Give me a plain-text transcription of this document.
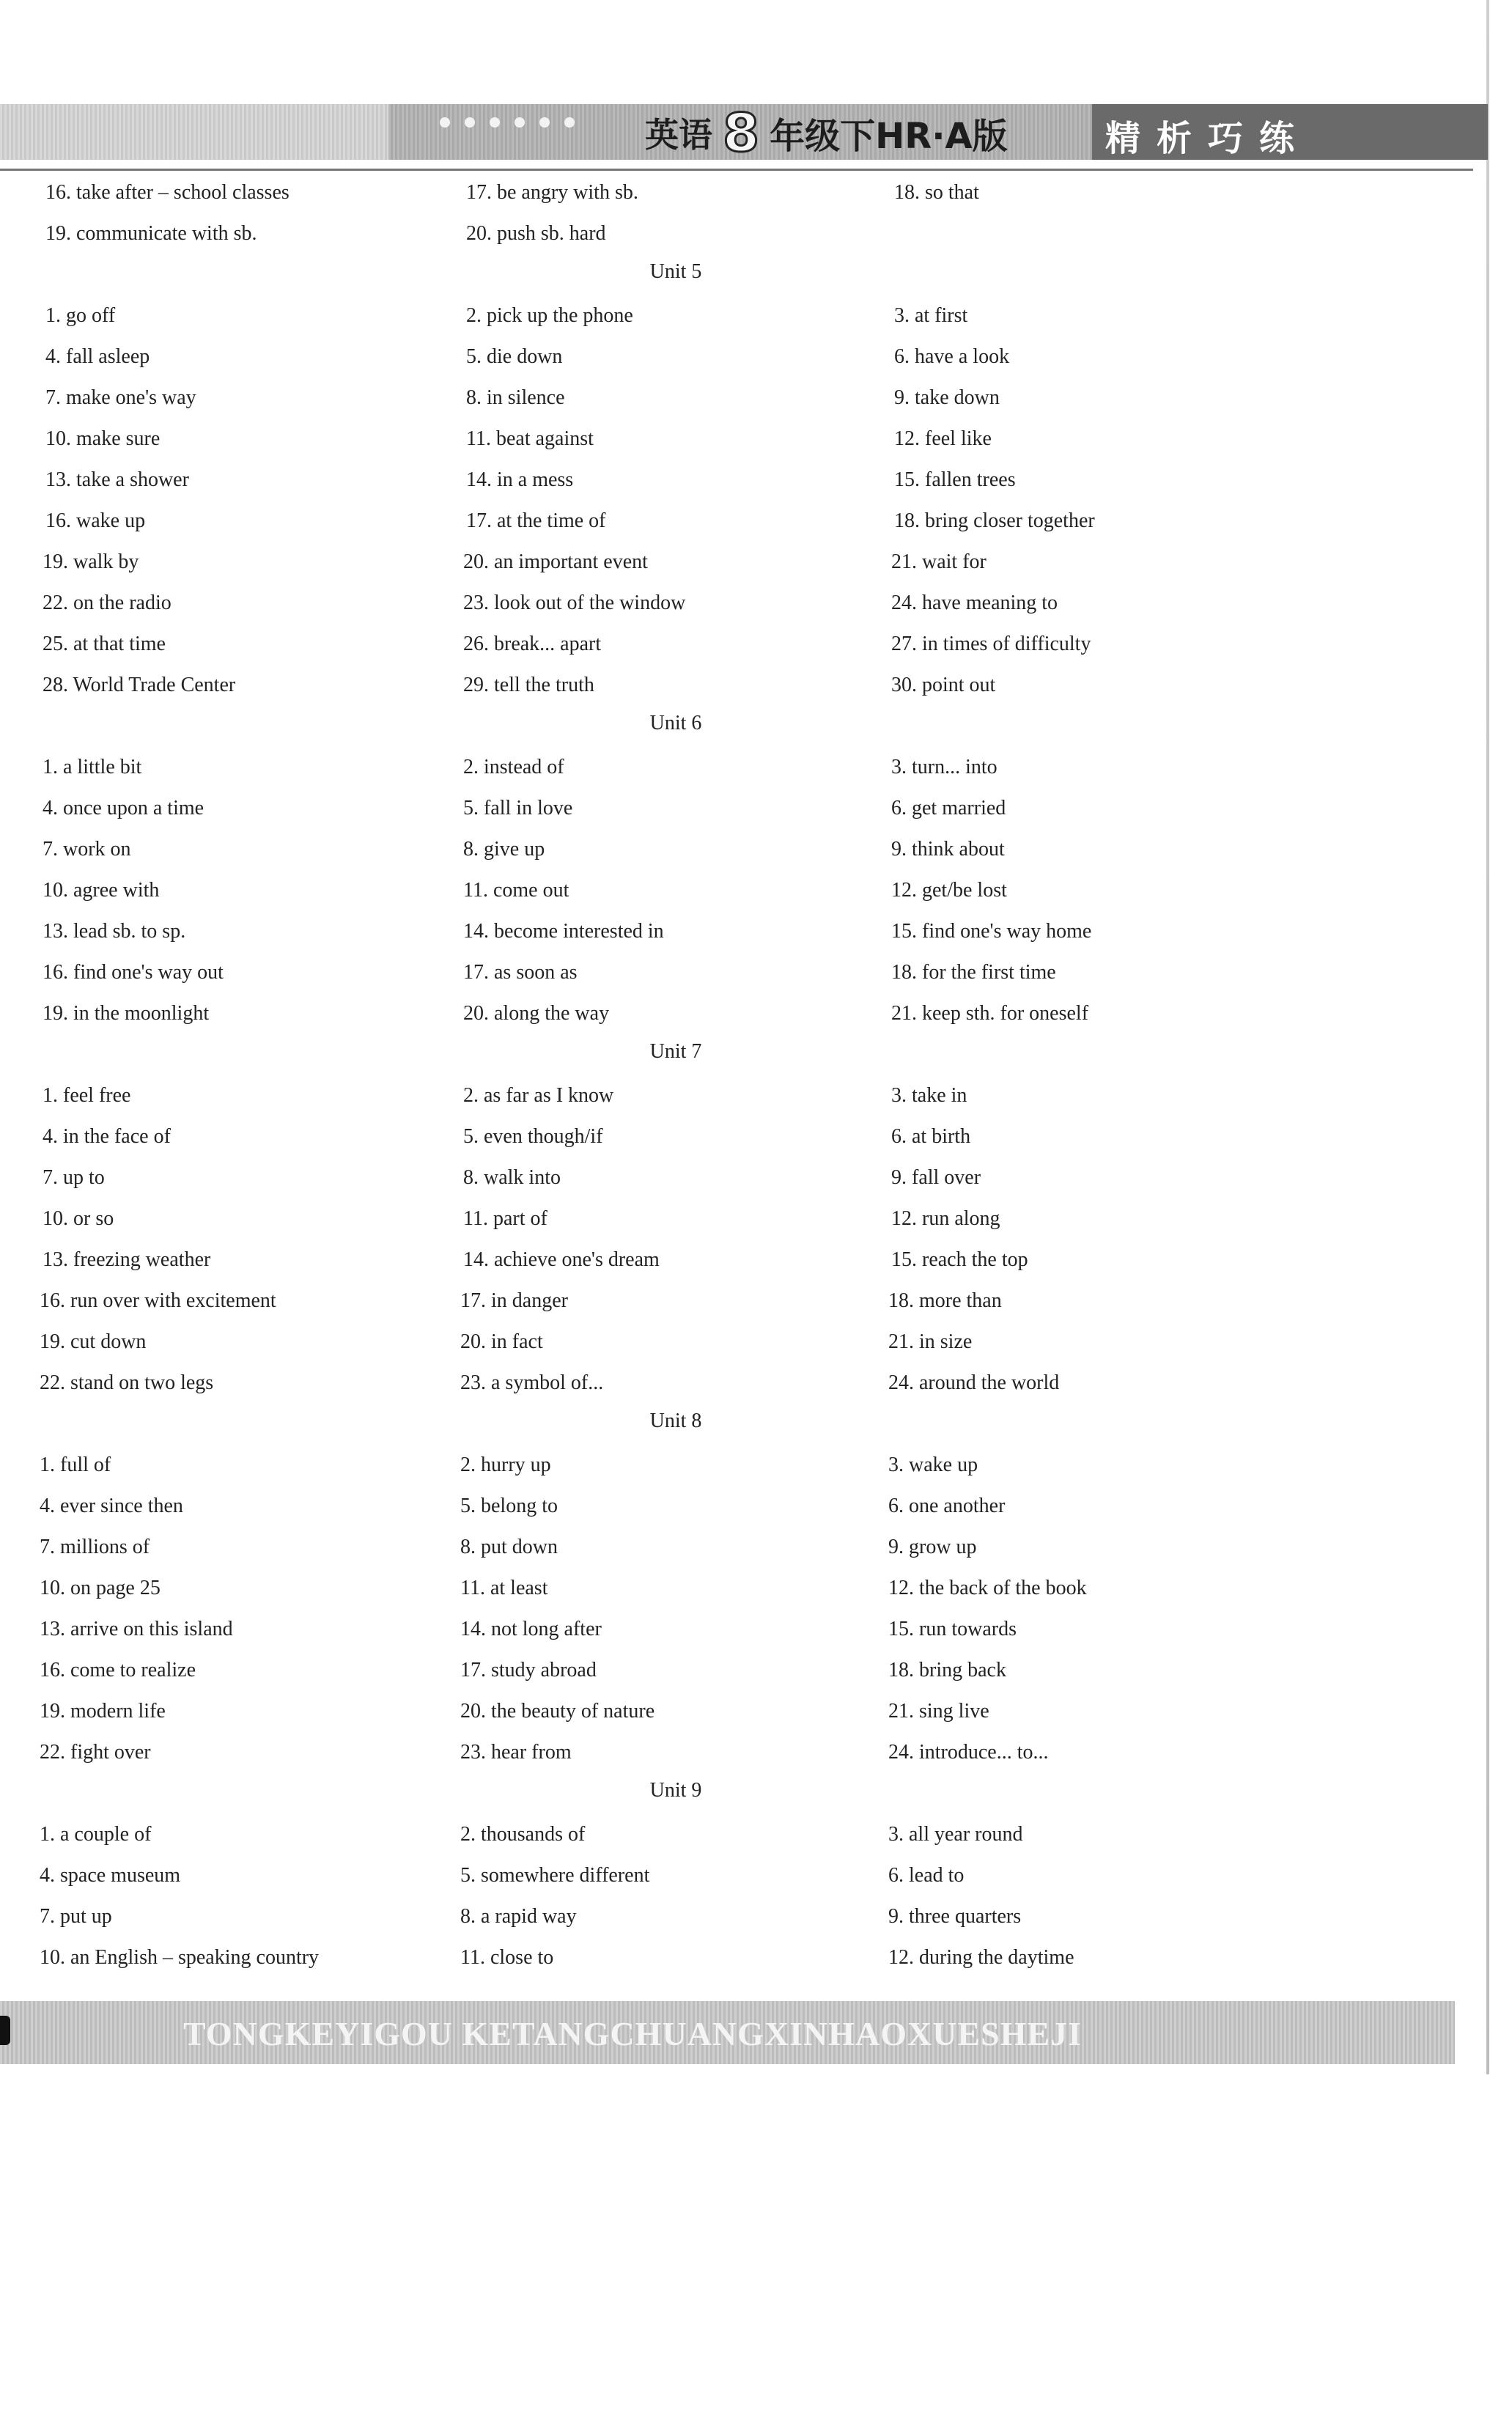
英语 8 年级下HR·A版	精析巧练
16. take after – school classes	17. be angry with sb.	18. so that
19. communicate with sb.	20. push sb. hard
Unit 5
1. go off	2. pick up the phone	3. at first
4. fall asleep	5. die down	6. have a look
7. make one's way	8. in silence	9. take down
10. make sure	11. beat against	12. feel like
13. take a shower	14. in a mess	15. fallen trees
16. wake up	17. at the time of	18. bring closer together
19. walk by	20. an important event	21. wait for
22. on the radio	23. look out of the window	24. have meaning to
25. at that time	26. break... apart	27. in times of difficulty
28. World Trade Center	29. tell the truth	30. point out
Unit 6
1. a little bit	2. instead of	3. turn... into
4. once upon a time	5. fall in love	6. get married
7. work on	8. give up	9. think about
10. agree with	11. come out	12. get/be lost
13. lead sb. to sp.	14. become interested in	15. find one's way home
16. find one's way out	17. as soon as	18. for the first time
19. in the moonlight	20. along the way	21. keep sth. for oneself
Unit 7
1. feel free	2. as far as I know	3. take in
4. in the face of	5. even though/if	6. at birth
7. up to	8. walk into	9. fall over
10. or so	11. part of	12. run along
13. freezing weather	14. achieve one's dream	15. reach the top
16. run over with excitement	17. in danger	18. more than
19. cut down	20. in fact	21. in size
22. stand on two legs	23. a symbol of...	24. around the world
Unit 8
1. full of	2. hurry up	3. wake up
4. ever since then	5. belong to	6. one another
7. millions of	8. put down	9. grow up
10. on page 25	11. at least	12. the back of the book
13. arrive on this island	14. not long after	15. run towards
16. come to realize	17. study abroad	18. bring back
19. modern life	20. the beauty of nature	21. sing live
22. fight over	23. hear from	24. introduce... to...
Unit 9
1. a couple of	2. thousands of	3. all year round
4. space museum	5. somewhere different	6. lead to
7. put up	8. a rapid way	9. three quarters
10. an English – speaking country	11. close to	12. during the daytime
TONGKEYIGOU KETANGCHUANGXINHAOXUESHEJI
